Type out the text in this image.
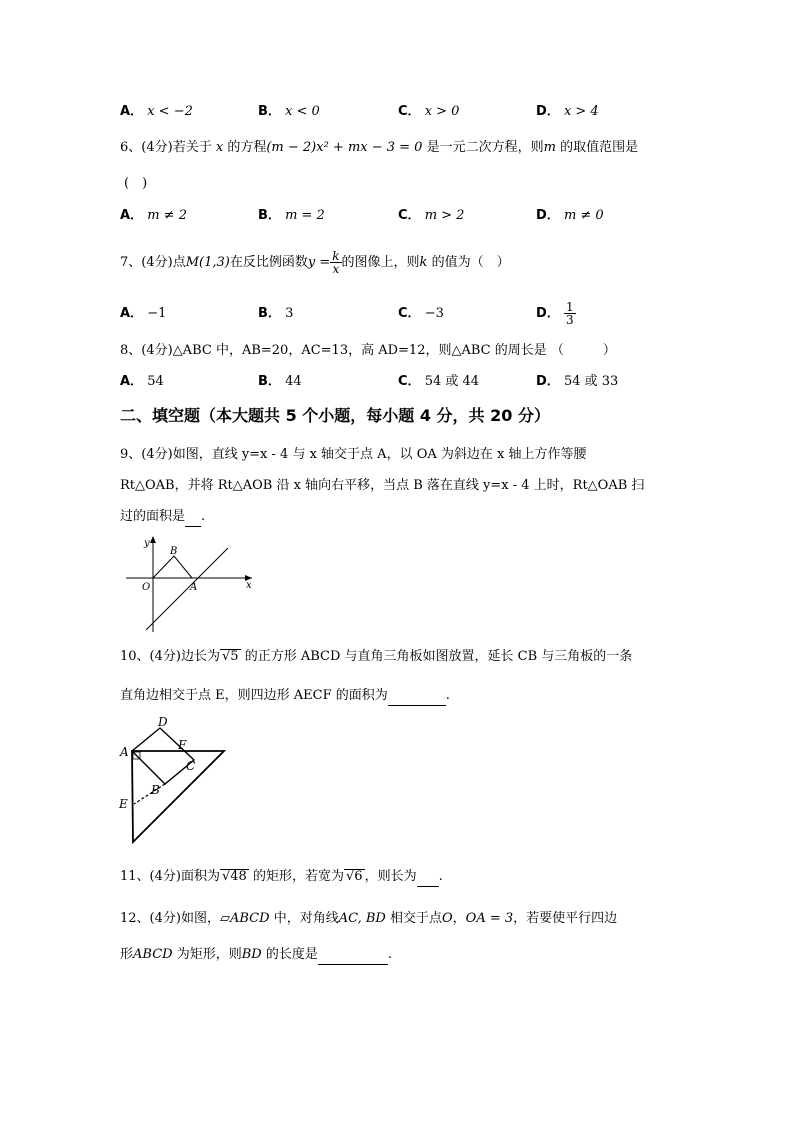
A． x < −2	B． x < 0	C． x > 0	D． x > 4
6、(4分)若关于 x 的方程(m − 2)x² + mx − 3 = 0 是一元二次方程，则m 的取值范围是
(　)
A． m ≠ 2	B． m = 2	C． m > 2	D． m ≠ 0
7、(4分)点M(1,3)在反比例函数$y = \frac{k}{x}$ 的图像上，则k 的值为（　）
A． −1	B． 3	C． −3	D． $\frac{1}{3}$
8、(4分)△ABC 中，AB=20，AC=13，高 AD=12，则△ABC 的周长是 （　　　）
A． 54	B． 44	C． 54 或 44	D． 54 或 33
二、填空题（本大题共 5 个小题，每小题 4 分，共 20 分）
9、(4分)如图，直线 y=x - 4 与 x 轴交于点 A，以 OA 为斜边在 x 轴上方作等腰
Rt△OAB，并将 Rt△AOB 沿 x 轴向右平移，当点 B 落在直线 y=x - 4 上时，Rt△OAB 扫
过的面积是 .
y
x
O	A
B
10、(4分)边长为 √5 的正方形 ABCD 与直角三角板如图放置，延长 CB 与三角板的一条
直角边相交于点 E，则四边形 AECF 的面积为	.
D
A	F
C
B
E
11、(4分)面积为 √48 的矩形，若宽为 √6 ，则长为 .
12、(4分)如图，▱ABCD 中，对角线AC, BD 相交于点O，OA = 3，若要使平行四边
形ABCD 为矩形，则BD 的长度是	.
